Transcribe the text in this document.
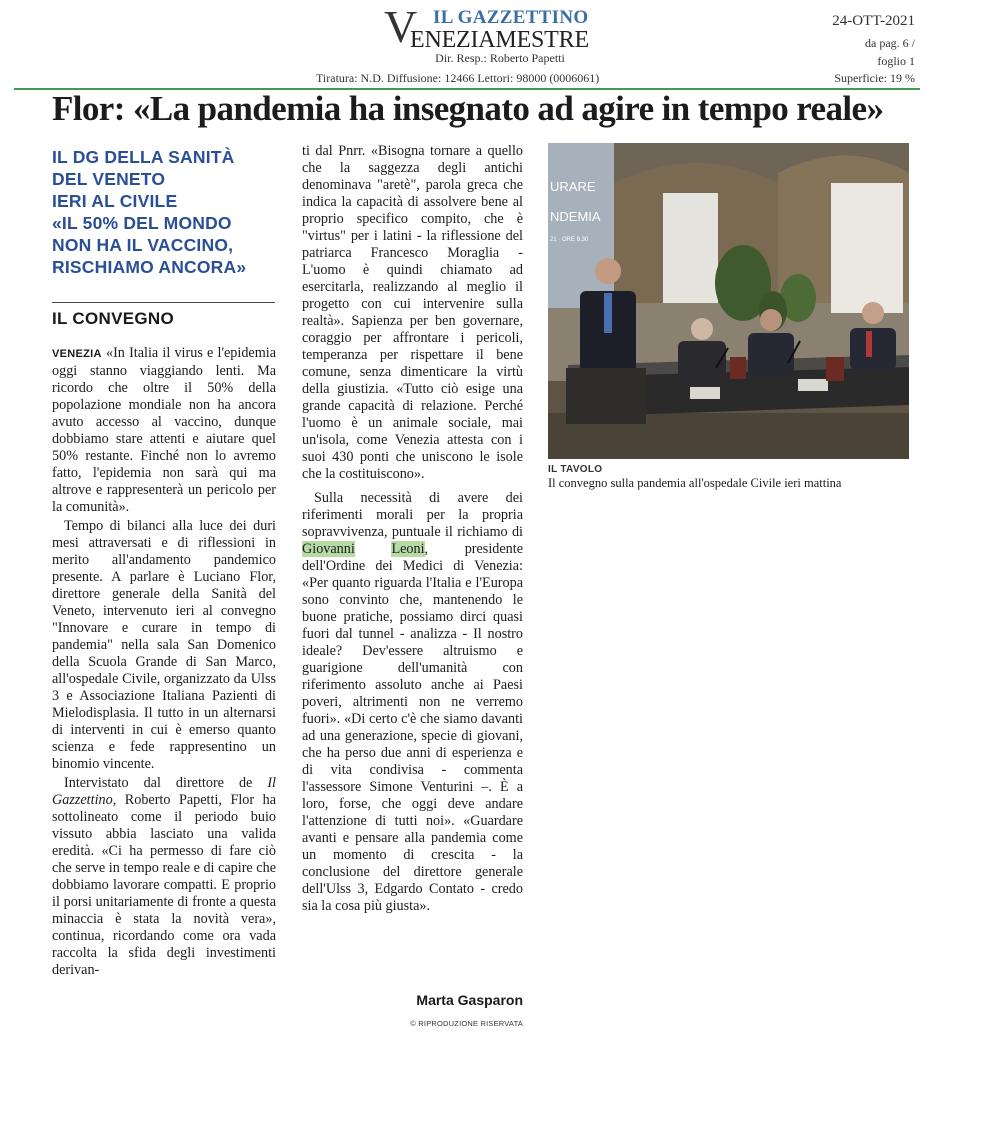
V IL GAZZETTINO
ENEZIAMESTRE
Dir. Resp.: Roberto Papetti
Tiratura: N.D. Diffusione: 12466 Lettori: 98000 (0006061)
24-OTT-2021
da pag. 6 /
foglio 1
Superficie: 19 %
Flor: «La pandemia ha insegnato ad agire in tempo reale»
IL DG DELLA SANITÀ
DEL VENETO
IERI AL CIVILE
«IL 50% DEL MONDO
NON HA IL VACCINO,
RISCHIAMO ANCORA»
IL CONVEGNO

VENEZIA «In Italia il virus e l'epidemia oggi stanno viaggiando lenti. Ma ricordo che oltre il 50% della popolazione mondiale non ha ancora avuto accesso al vaccino, dunque dobbiamo stare attenti e aiutare quel 50% restante. Finché non lo avremo fatto, l'epidemia non sarà qui ma altrove e rappresenterà un pericolo per la comunità».

Tempo di bilanci alla luce dei duri mesi attraversati e di riflessioni in merito all'andamento pandemico presente. A parlare è Luciano Flor, direttore generale della Sanità del Veneto, intervenuto ieri al convegno "Innovare e curare in tempo di pandemia" nella sala San Domenico della Scuola Grande di San Marco, all'ospedale Civile, organizzato da Ulss 3 e Associazione Italiana Pazienti di Mielodisplasia. Il tutto in un alternarsi di interventi in cui è emerso quanto scienza e fede rappresentino un binomio vincente.

Intervistato dal direttore de Il Gazzettino, Roberto Papetti, Flor ha sottolineato come il periodo buio vissuto abbia lasciato una valida eredità. «Ci ha permesso di fare ciò che serve in tempo reale e di capire che dobbiamo lavorare compatti. E proprio il porsi unitariamente di fronte a questa minaccia è stata la novità vera», continua, ricordando come ora vada raccolta la sfida degli investimenti derivan-

ti dal Pnrr. «Bisogna tornare a quello che la saggezza degli antichi denominava "aretè", parola greca che indica la capacità di assolvere bene al proprio specifico compito, che è "virtus" per i latini - la riflessione del patriarca Francesco Moraglia - L'uomo è quindi chiamato ad esercitarla, realizzando al meglio il progetto con cui intervenire sulla realtà». Sapienza per ben governare, coraggio per affrontare i pericoli, temperanza per rispettare il bene comune, senza dimenticare la virtù della giustizia. «Tutto ciò esige una grande capacità di relazione. Perché l'uomo è un animale sociale, mai un'isola, come Venezia attesta con i suoi 430 ponti che uniscono le isole che la costituiscono».

Sulla necessità di avere dei riferimenti morali per la propria sopravvivenza, puntuale il richiamo di Giovanni	Leoni, presidente dell'Ordine dei Medici di Venezia: «Per quanto riguarda l'Italia e l'Europa sono convinto che, mantenendo le buone pratiche, possiamo dirci quasi fuori dal tunnel - analizza - Il nostro ideale? Dev'essere altruismo e guarigione dell'umanità con riferimento assoluto anche ai Paesi poveri, altrimenti non ne verremo fuori». «Di certo c'è che siamo davanti ad una generazione, specie di giovani, che ha perso due anni di esperienza e di vita condivisa - commenta l'assessore Simone Venturini –. È a loro, forse, che oggi deve andare l'attenzione di tutti noi». «Guardare avanti e pensare alla pandemia come un momento di crescita - la conclusione del direttore generale dell'Ulss 3, Edgardo Contato - credo sia la cosa più giusta».

Marta Gasparon
© RIPRODUZIONE RISERVATA
URARE
NDEMIA
21 · ORE 9,30
IL TAVOLO
Il convegno sulla pandemia all'ospedale Civile ieri mattina
